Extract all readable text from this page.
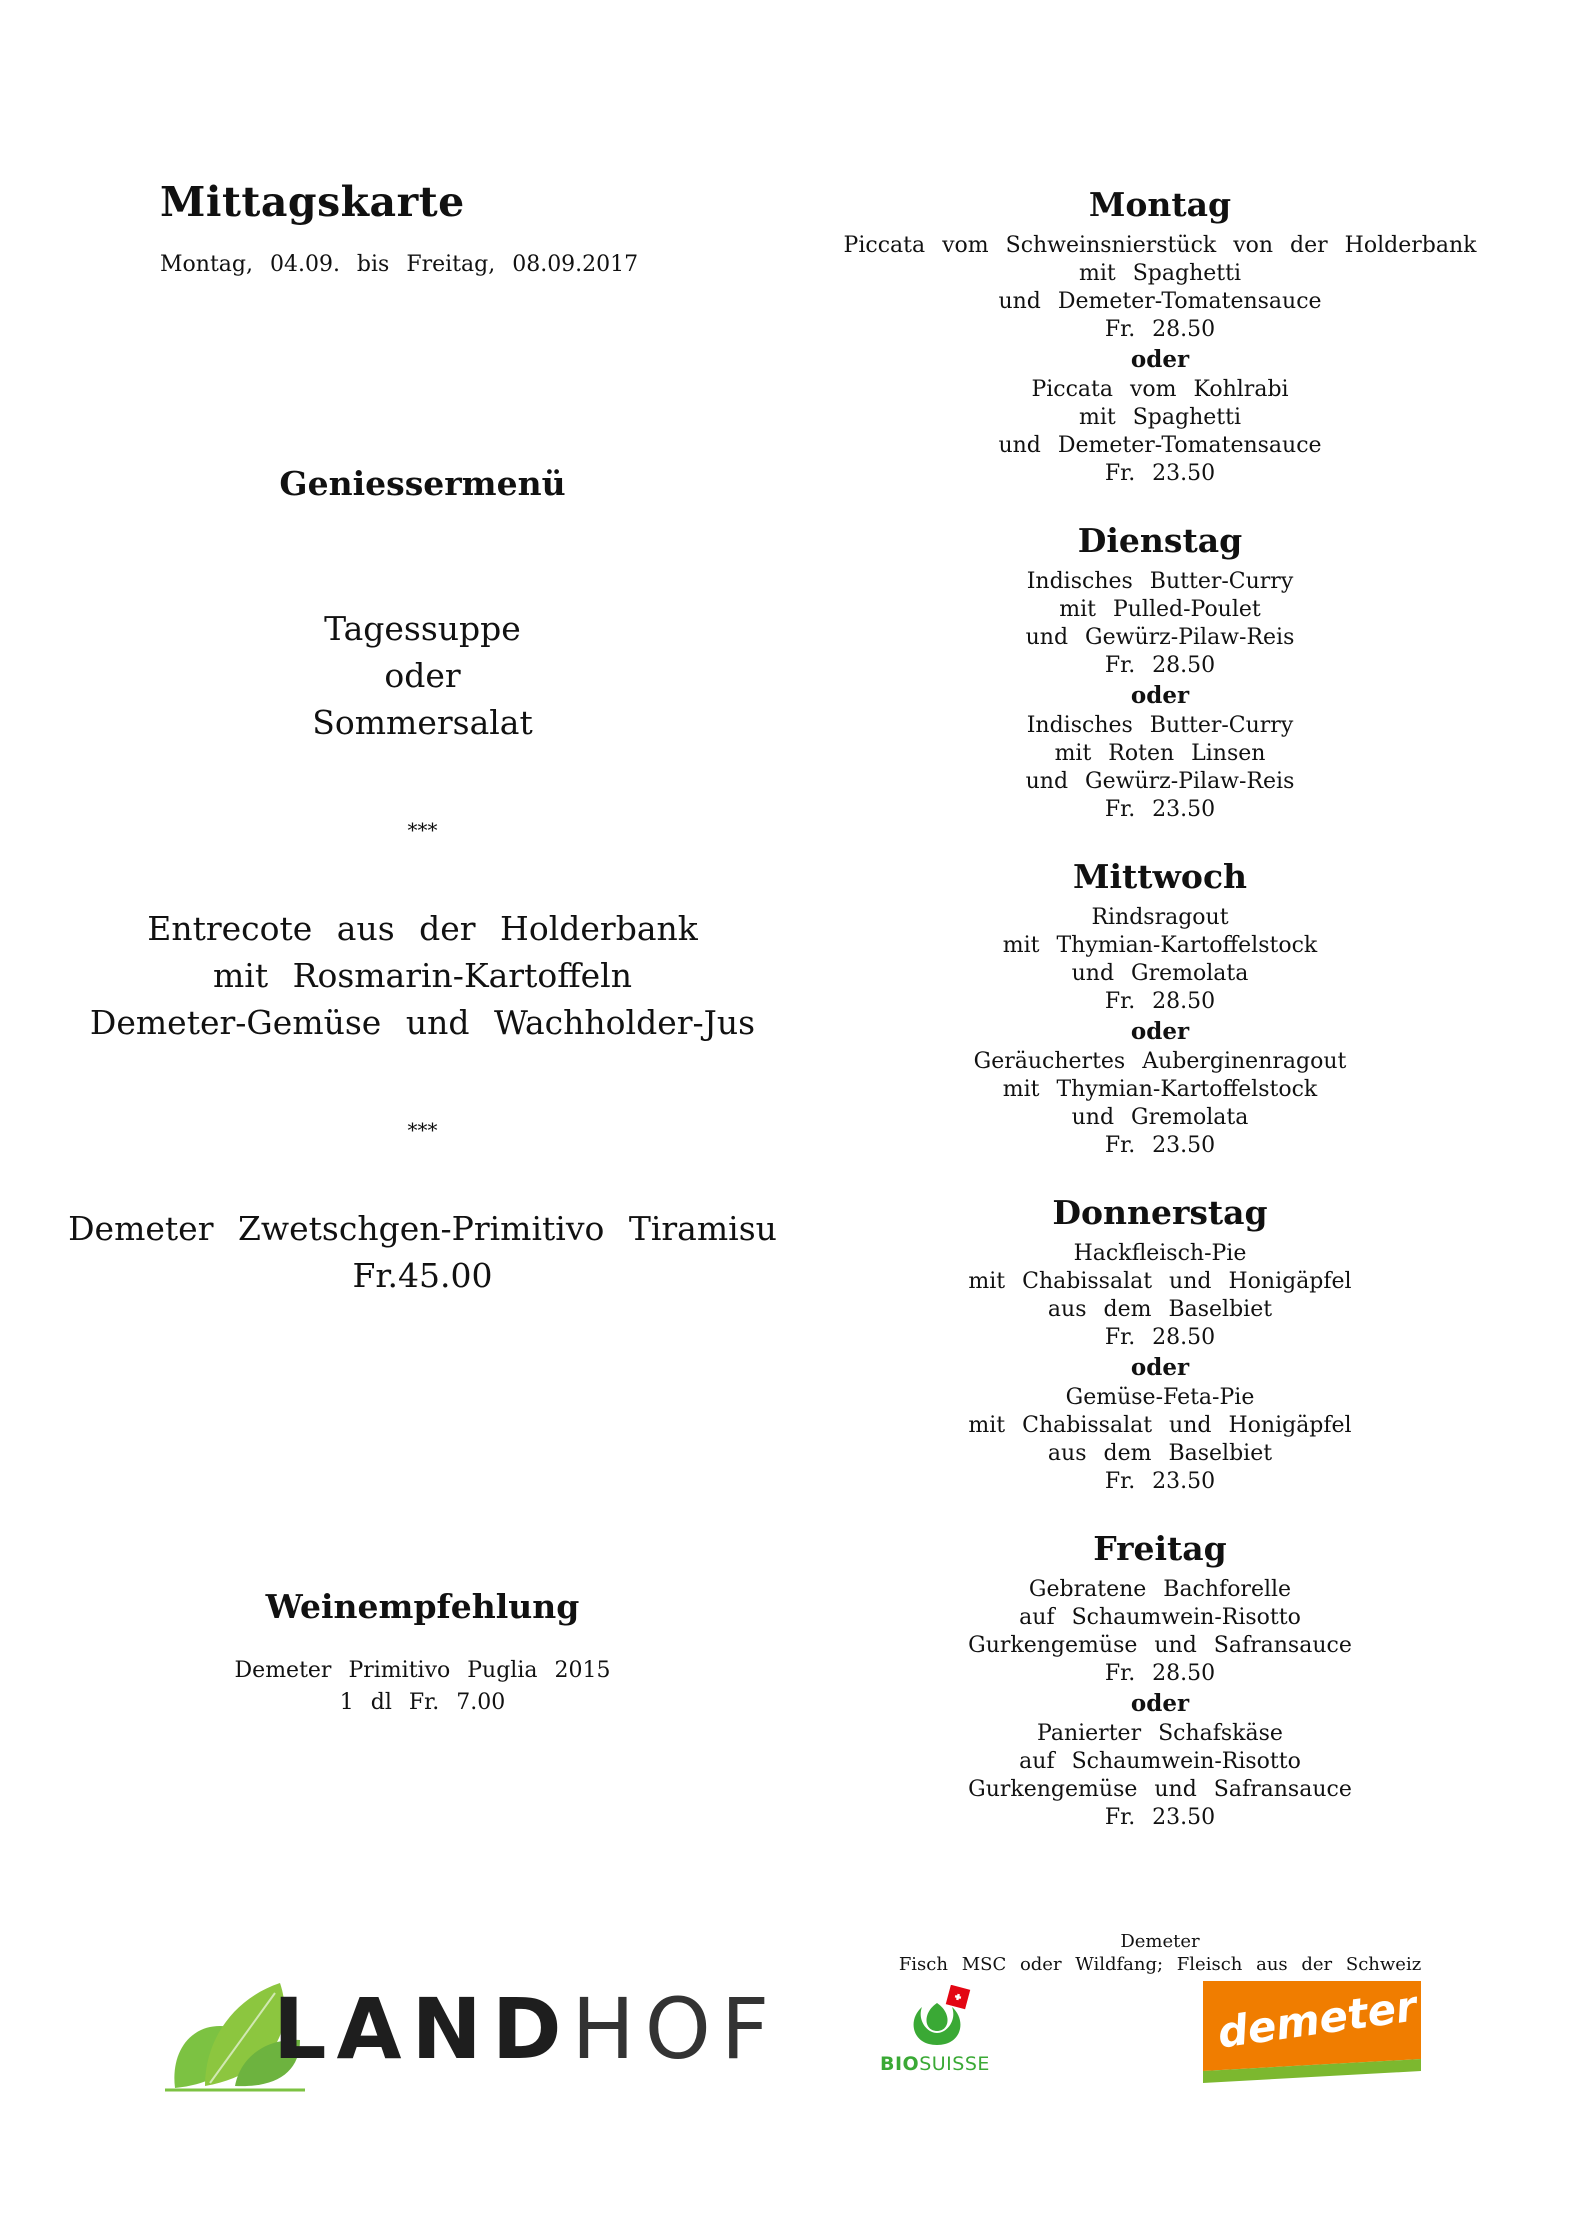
Mittagskarte
Montag, 04.09. bis Freitag, 08.09.2017
Geniessermenü
Tagessuppe
oder
Sommersalat
***
Entrecote aus der Holderbank
mit Rosmarin-Kartoffeln
Demeter-Gemüse und Wachholder-Jus
***
Demeter Zwetschgen-Primitivo Tiramisu
Fr.45.00
Weinempfehlung
Demeter Primitivo Puglia 2015
1 dl Fr. 7.00
Montag
Piccata vom Schweinsnierstück von der Holderbank
mit Spaghetti
und Demeter-Tomatensauce
Fr. 28.50
oder
Piccata vom Kohlrabi
mit Spaghetti
und Demeter-Tomatensauce
Fr. 23.50
Dienstag
Indisches Butter-Curry
mit Pulled-Poulet
und Gewürz-Pilaw-Reis
Fr. 28.50
oder
Indisches Butter-Curry
mit Roten Linsen
und Gewürz-Pilaw-Reis
Fr. 23.50
Mittwoch
Rindsragout
mit Thymian-Kartoffelstock
und Gremolata
Fr. 28.50
oder
Geräuchertes Auberginenragout
mit Thymian-Kartoffelstock
und Gremolata
Fr. 23.50
Donnerstag
Hackfleisch-Pie
mit Chabissalat und Honigäpfel
aus dem Baselbiet
Fr. 28.50
oder
Gemüse-Feta-Pie
mit Chabissalat und Honigäpfel
aus dem Baselbiet
Fr. 23.50
Freitag
Gebratene Bachforelle
auf Schaumwein-Risotto
Gurkengemüse und Safransauce
Fr. 28.50
oder
Panierter Schafskäse
auf Schaumwein-Risotto
Gurkengemüse und Safransauce
Fr. 23.50
Demeter
Fisch MSC oder Wildfang; Fleisch aus der Schweiz
LANDHOF	BIOSUISSE
demeter
